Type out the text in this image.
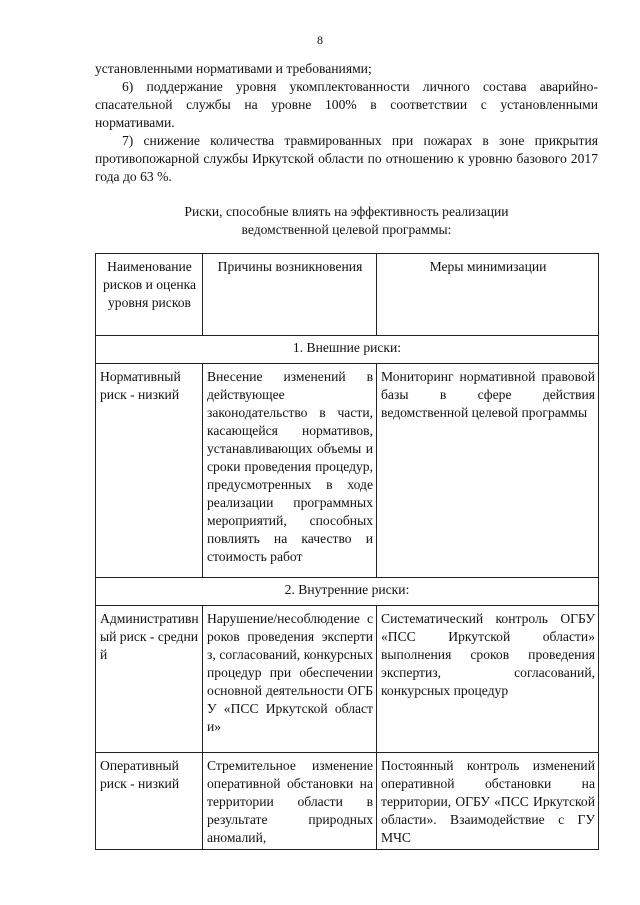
8

установленными нормативами и требованиями;

6) поддержание уровня укомплектованности личного состава аварийно-спасательной службы на уровне 100% в соответствии с установленными нормативами.

7) снижение количества травмированных при пожарах в зоне прикрытия противопожарной службы Иркутской области по отношению к уровню базового 2017 года до 63 %.

Риски, способные влиять на эффективность реализации
ведомственной целевой программы:
Наименование рисков и оценка уровня рисков	Причины возникновения	Меры минимизации
1. Внешние риски:		
Нормативный риск - низкий	Внесение изменений в действующее законодательство в части, касающейся нормативов, устанавливающих объемы и сроки проведения процедур, предусмотренных в ходе реализации программных мероприятий, способных повлиять на качество и стоимость работ	Мониторинг нормативной правовой базы в сфере действия ведомственной целевой программы
2. Внутренние риски:		
Административный риск - средний	Нарушение/несоблюдение сроков проведения экспертиз, согласований, конкурсных процедур при обеспечении основной деятельности ОГБУ «ПСС Иркутской области»	Систематический контроль ОГБУ «ПСС Иркутской области» выполнения сроков проведения экспертиз, согласований, конкурсных процедур
Оперативный риск - низкий	Стремительное изменение оперативной обстановки на территории области в результате природных аномалий,	Постоянный контроль изменений оперативной обстановки на территории, ОГБУ «ПСС Иркутской области». Взаимодействие с ГУ МЧС
